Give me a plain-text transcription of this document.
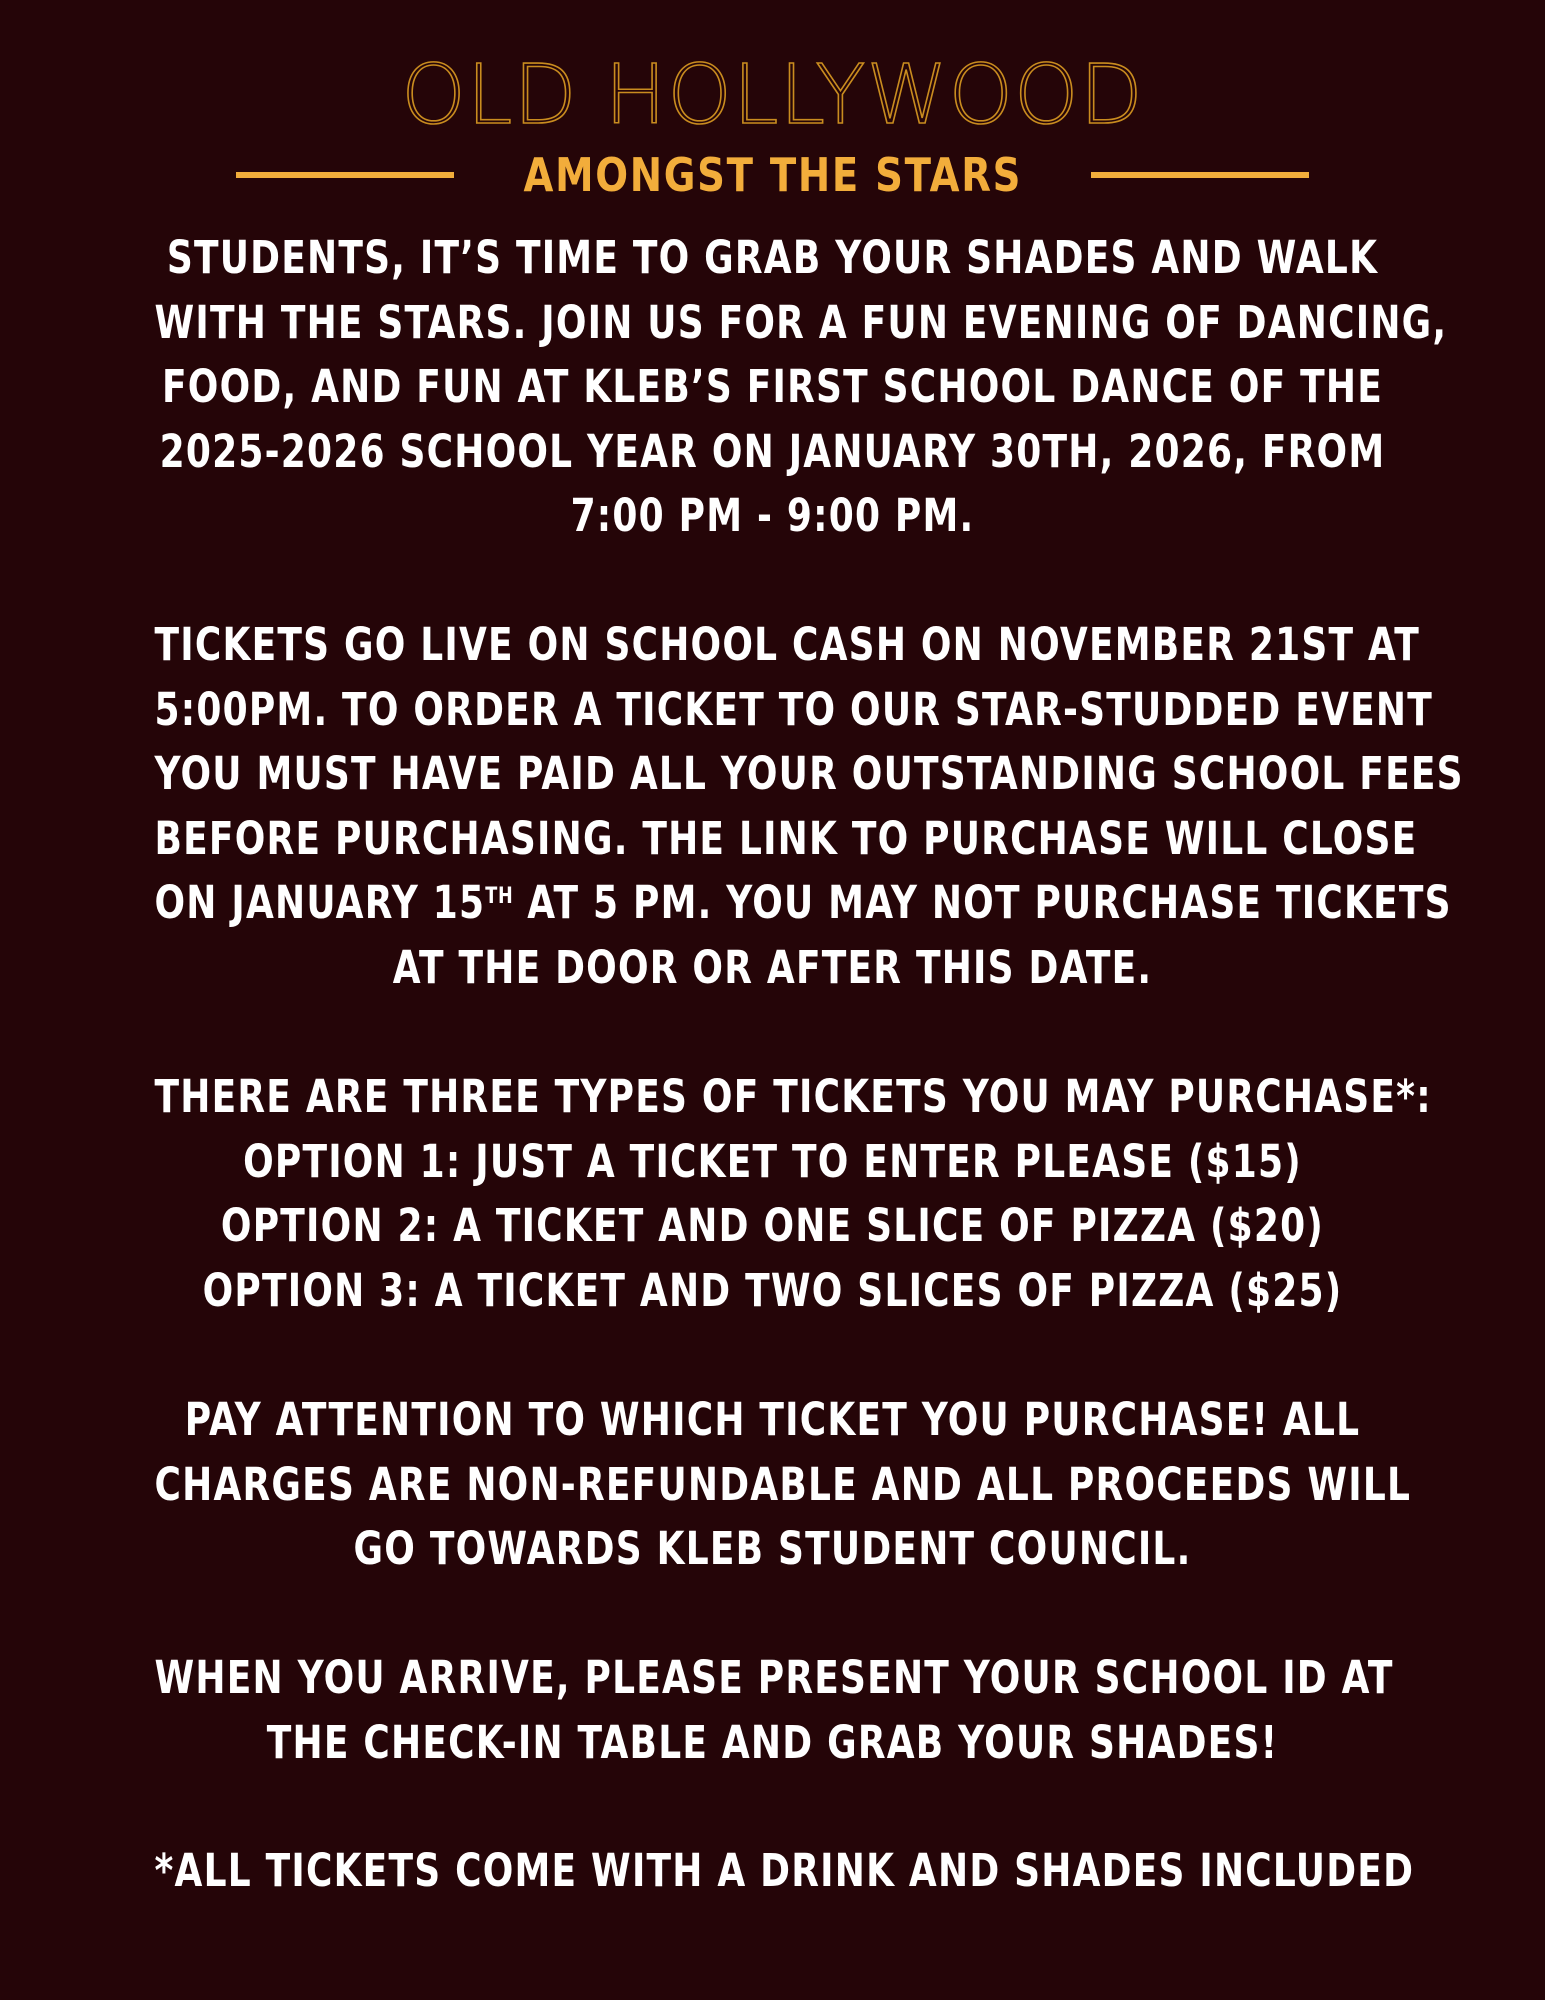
OLD HOLLYWOOD
AMONGST THE STARS
STUDENTS, IT’S TIME TO GRAB YOUR SHADES AND WALK
WITH THE STARS. JOIN US FOR A FUN EVENING OF DANCING,
FOOD, AND FUN AT KLEB’S FIRST SCHOOL DANCE OF THE
2025-2026 SCHOOL YEAR ON JANUARY 30TH, 2026, FROM
7:00 PM - 9:00 PM.
TICKETS GO LIVE ON SCHOOL CASH ON NOVEMBER 21ST AT
5:00PM. TO ORDER A TICKET TO OUR STAR-STUDDED EVENT
YOU MUST HAVE PAID ALL YOUR OUTSTANDING SCHOOL FEES
BEFORE PURCHASING. THE LINK TO PURCHASE WILL CLOSE
ON JANUARY 15TH AT 5 PM. YOU MAY NOT PURCHASE TICKETS
AT THE DOOR OR AFTER THIS DATE.
THERE ARE THREE TYPES OF TICKETS YOU MAY PURCHASE*:
OPTION 1: JUST A TICKET TO ENTER PLEASE ($15)
OPTION 2: A TICKET AND ONE SLICE OF PIZZA ($20)
OPTION 3: A TICKET AND TWO SLICES OF PIZZA ($25)
PAY ATTENTION TO WHICH TICKET YOU PURCHASE! ALL
CHARGES ARE NON-REFUNDABLE AND ALL PROCEEDS WILL
GO TOWARDS KLEB STUDENT COUNCIL.
WHEN YOU ARRIVE, PLEASE PRESENT YOUR SCHOOL ID AT
THE CHECK-IN TABLE AND GRAB YOUR SHADES!
*ALL TICKETS COME WITH A DRINK AND SHADES INCLUDED
